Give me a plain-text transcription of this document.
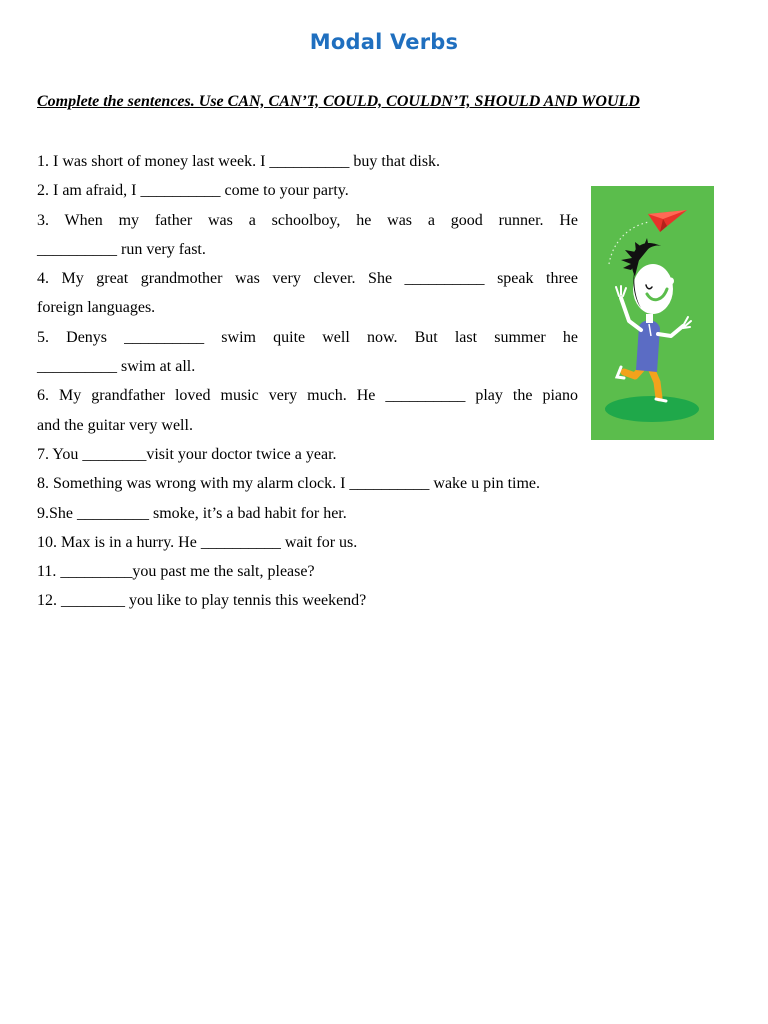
Modal Verbs
Complete the sentences. Use CAN, CAN’T, COULD, COULDN’T, SHOULD AND WOULD
1. I was short of money last week. I __________ buy that disk.
2. I am afraid, I __________ come to your party.
3. When my father was a schoolboy, he was a good runner. He
__________ run very fast.
4. My great grandmother was very clever. She __________ speak three
foreign languages.
5. Denys __________ swim quite well now. But last summer he
__________ swim at all.
6. My grandfather loved music very much. He __________ play the piano
and the guitar very well.
7. You ________visit your doctor twice a year.
8. Something was wrong with my alarm clock. I __________ wake u pin time.
9.She _________ smoke, it’s a bad habit for her.
10. Max is in a hurry. He __________ wait for us.
11. _________you past me the salt, please?
12. ________ you like to play tennis this weekend?
